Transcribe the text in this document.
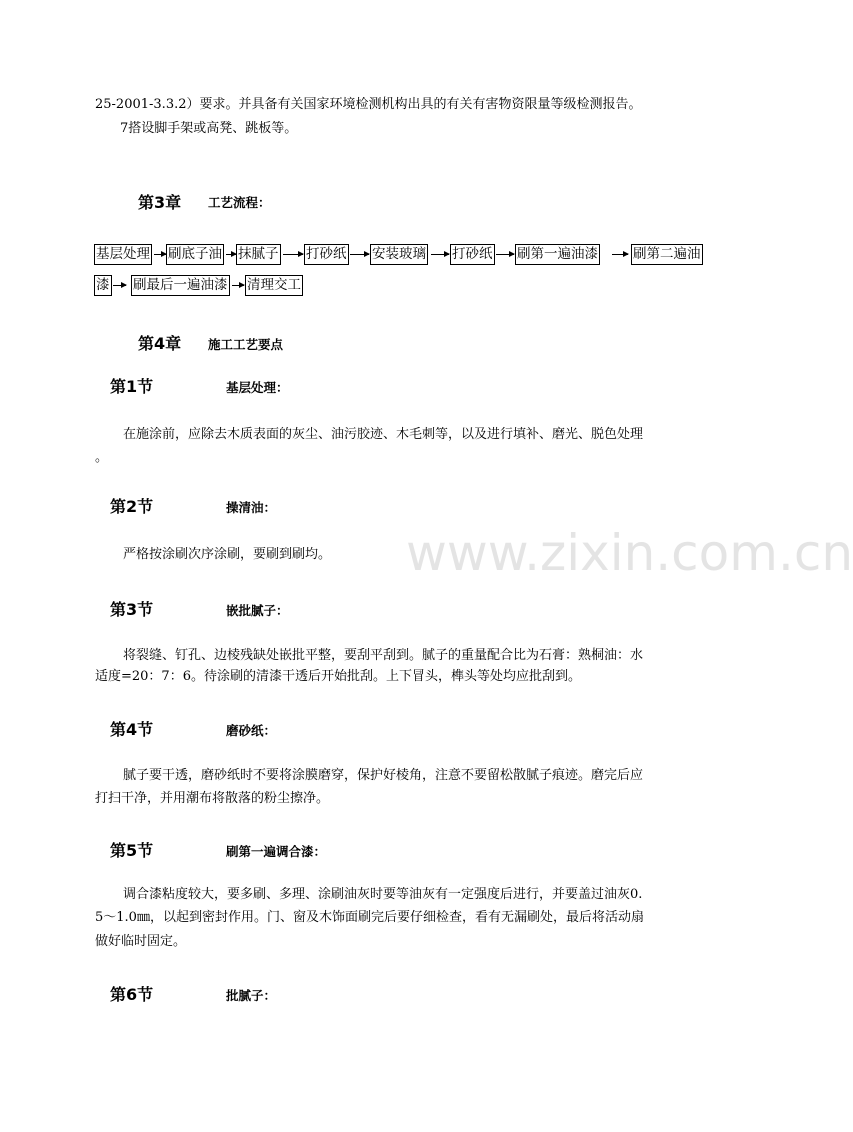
25-2001-3.3.2）要求。并具备有关国家环境检测机构出具的有关有害物资限量等级检测报告。
7搭设脚手架或高凳、跳板等。
第3章 工艺流程：
基层处理 刷底子油 抹腻子 打砂纸 安装玻璃 打砂纸 刷第一遍油漆	刷第二遍油
漆 刷最后一遍油漆 清理交工
第4章 施工工艺要点
第1节	基层处理：
在施涂前，应除去木质表面的灰尘、油污胶迹、木毛刺等，以及进行填补、磨光、脱色处理
。
第2节	操清油：
严格按涂刷次序涂刷，要刷到刷均。
第3节	嵌批腻子：
将裂缝、钉孔、边棱残缺处嵌批平整，要刮平刮到。腻子的重量配合比为石膏：熟桐油：水
适度=20：7：6。待涂刷的清漆干透后开始批刮。上下冒头，榫头等处均应批刮到。
第4节	磨砂纸：
腻子要干透，磨砂纸时不要将涂膜磨穿，保护好棱角，注意不要留松散腻子痕迹。磨完后应
打扫干净，并用潮布将散落的粉尘擦净。
第5节	刷第一遍调合漆：
调合漆粘度较大，要多刷、多理、涂刷油灰时要等油灰有一定强度后进行，并要盖过油灰0.
5～1.0㎜，以起到密封作用。门、窗及木饰面刷完后要仔细检查，看有无漏刷处，最后将活动扇
做好临时固定。
第6节	批腻子：
www.zixin.com.cn
